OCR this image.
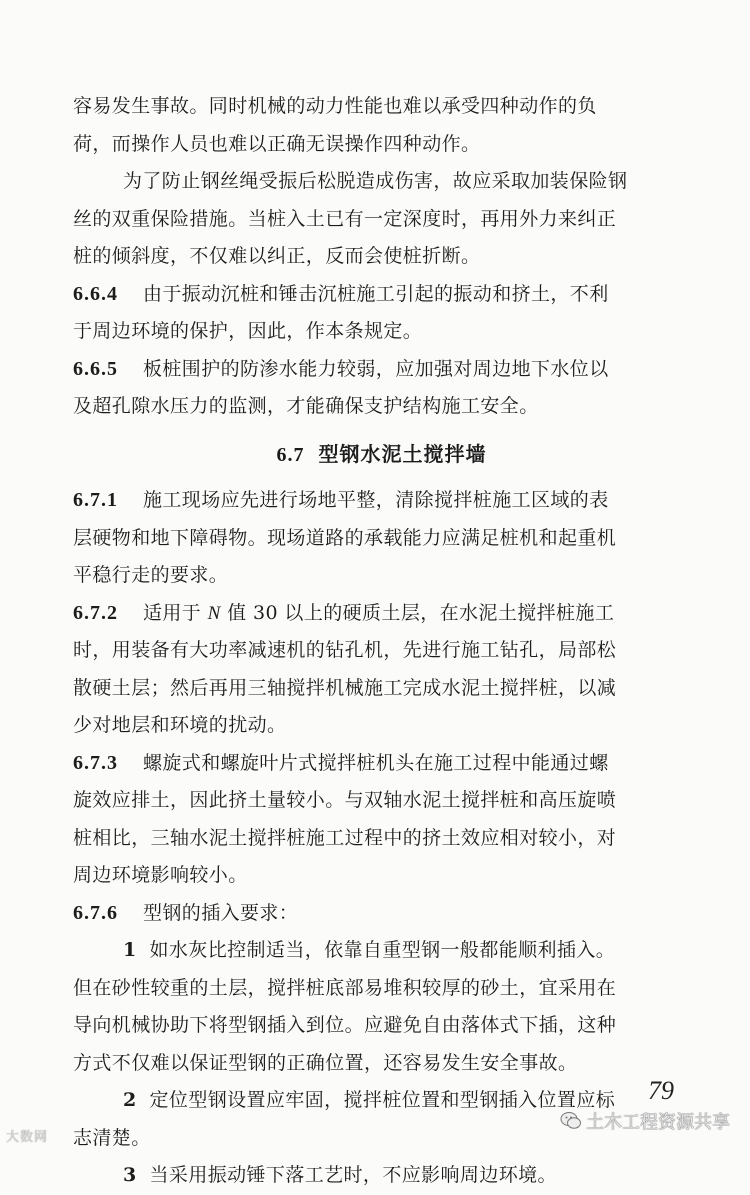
容易发生事故。同时机械的动力性能也难以承受四种动作的负
荷，而操作人员也难以正确无误操作四种动作。
为了防止钢丝绳受振后松脱造成伤害，故应采取加装保险钢
丝的双重保险措施。当桩入土已有一定深度时，再用外力来纠正
桩的倾斜度，不仅难以纠正，反而会使桩折断。
6.6.4 由于振动沉桩和锤击沉桩施工引起的振动和挤土，不利
于周边环境的保护，因此，作本条规定。
6.6.5 板桩围护的防渗水能力较弱，应加强对周边地下水位以
及超孔隙水压力的监测，才能确保支护结构施工安全。
6.7 型钢水泥土搅拌墙
6.7.1 施工现场应先进行场地平整，清除搅拌桩施工区域的表
层硬物和地下障碍物。现场道路的承载能力应满足桩机和起重机
平稳行走的要求。
6.7.2 适用于 N 值 30 以上的硬质土层，在水泥土搅拌桩施工
时，用装备有大功率减速机的钻孔机，先进行施工钻孔，局部松
散硬土层；然后再用三轴搅拌机械施工完成水泥土搅拌桩，以减
少对地层和环境的扰动。
6.7.3 螺旋式和螺旋叶片式搅拌桩机头在施工过程中能通过螺
旋效应排土，因此挤土量较小。与双轴水泥土搅拌桩和高压旋喷
桩相比，三轴水泥土搅拌桩施工过程中的挤土效应相对较小，对
周边环境影响较小。
6.7.6 型钢的插入要求：
1 如水灰比控制适当，依靠自重型钢一般都能顺利插入。
但在砂性较重的土层，搅拌桩底部易堆积较厚的砂土，宜采用在
导向机械协助下将型钢插入到位。应避免自由落体式下插，这种
方式不仅难以保证型钢的正确位置，还容易发生安全事故。
2 定位型钢设置应牢固，搅拌桩位置和型钢插入位置应标
志清楚。
3 当采用振动锤下落工艺时，不应影响周边环境。
79
大数网
土木工程资源共享
